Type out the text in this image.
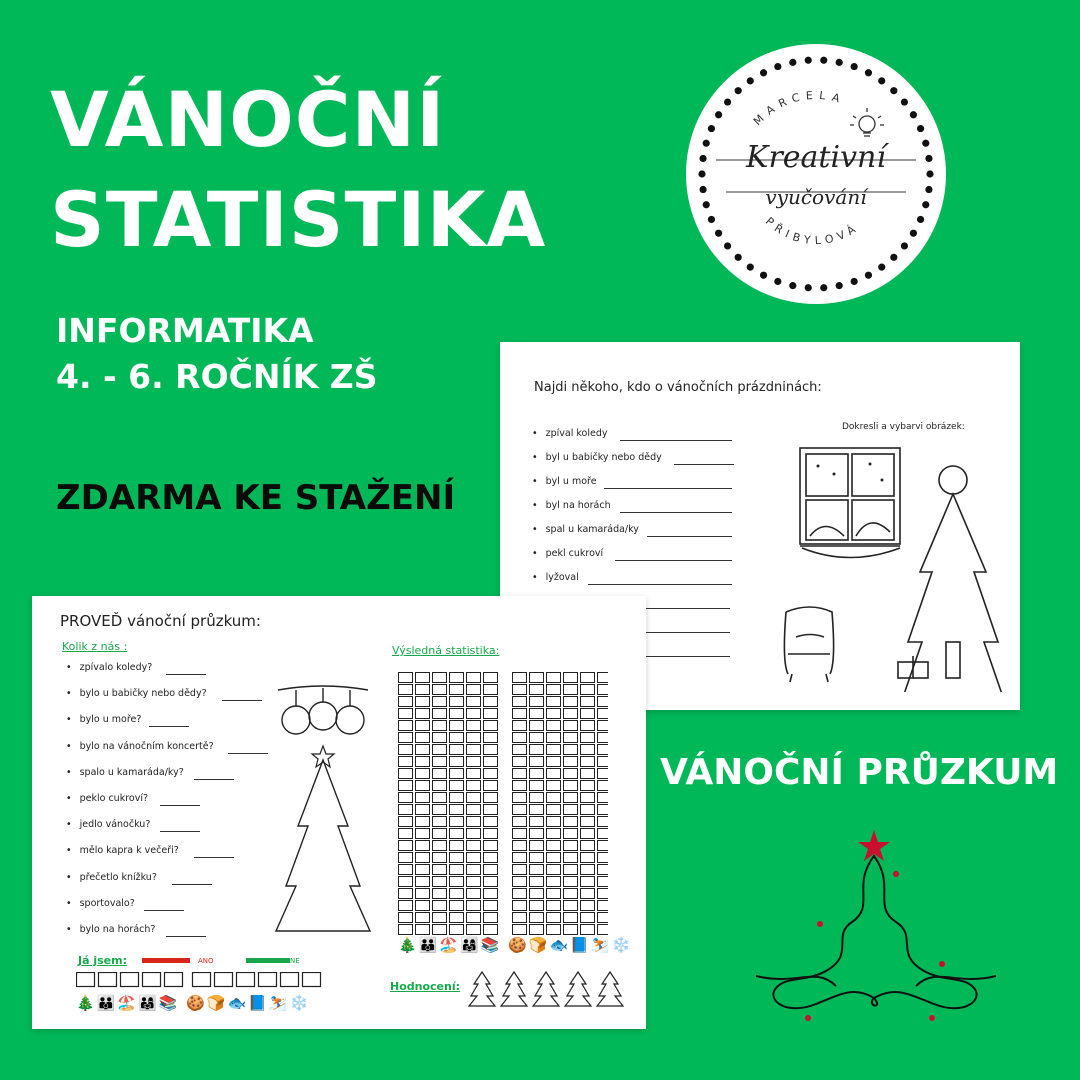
VÁNOČNÍ
STATISTIKA
INFORMATIKA
4. - 6. ROČNÍK ZŠ
ZDARMA KE STAŽENÍ
MARCELA
PŘIBYLOVÁ
Kreativní
vyučování
Najdi někoho, kdo o vánočních prázdninách:
• zpíval koledy
• byl u babičky nebo dědy
• byl u moře
• byl na horách
• spal u kamaráda/ky
• pekl cukroví
• lyžoval
Dokresli a vybarvi obrázek:
PROVEĎ vánoční průzkum:
Kolik z nás :
• zpívalo koledy?
• bylo u babičky nebo dědy?
• bylo u moře?
• bylo na vánočním koncertě?
• spalo u kamaráda/ky?
• peklo cukroví?
• jedlo vánočku?
• mělo kapra k večeři?
• přečetlo knížku?
• sportovalo?
• bylo na horách?
Výsledná statistika:
🎄👪🏖️👨‍👩‍👧📚 🍪🍞🐟📘⛷️❄️
Já jsem:	ANO	NE
🎄👪🏖️👨‍👩‍👧📚 🍪🍞🐟📘⛷️❄️
Hodnocení:
VÁNOČNÍ PRŮZKUM
